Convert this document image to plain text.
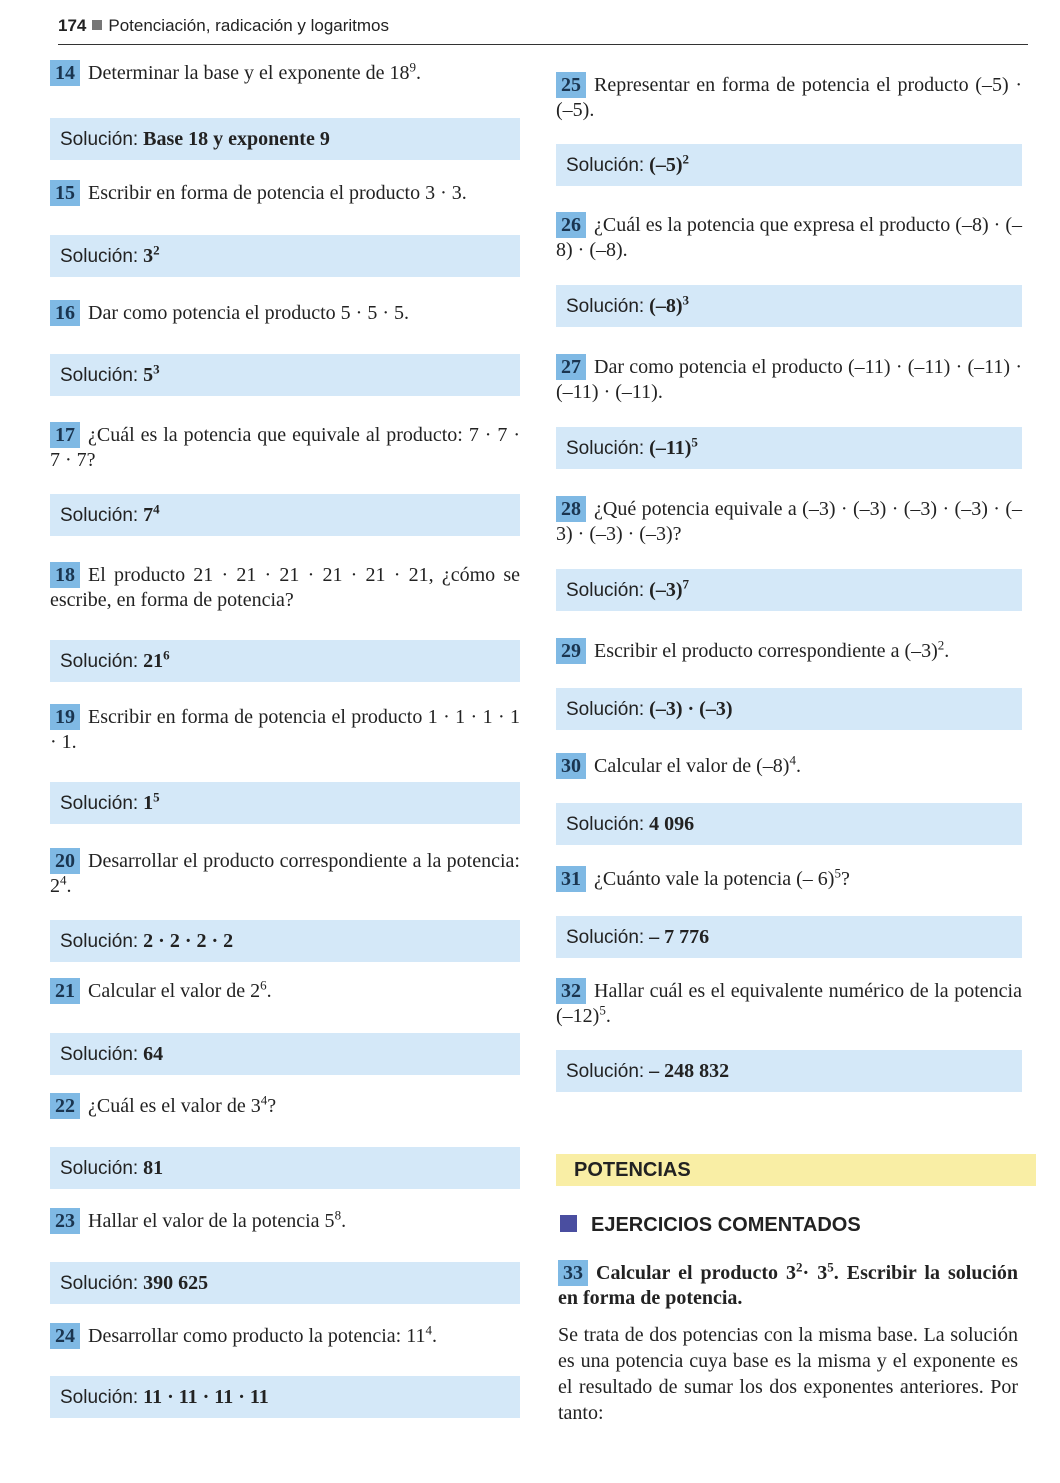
174 Potenciación, radicación y logaritmos
14 Determinar la base y el exponente de $18^9$.
Solución: Base 18 y exponente 9
15 Escribir en forma de potencia el producto 3 · 3.
Solución: $3^2$
16 Dar como potencia el producto 5 · 5 · 5.
Solución: $5^3$
17 ¿Cuál es la potencia que equivale al producto: 7 · 7 · 7 · 7?
Solución: $7^4$
18 El producto 21 · 21 · 21 · 21 · 21 · 21, ¿cómo se escribe, en forma de potencia?
Solución: $21^6$
19 Escribir en forma de potencia el producto 1 · 1 · 1 · 1 · 1.
Solución: $1^5$
20 Desarrollar el producto correspondiente a la potencia: $2^4$.
Solución: 2 · 2 · 2 · 2
21 Calcular el valor de $2^6$.
Solución: 64
22 ¿Cuál es el valor de $3^4$?
Solución: 81
23 Hallar el valor de la potencia $5^8$.
Solución: 390 625
24 Desarrollar como producto la potencia: $11^4$.
Solución: 11 · 11 · 11 · 11
25 Representar en forma de potencia el producto (–5) · (–5).
Solución: $(-5)^2$
26 ¿Cuál es la potencia que expresa el producto (–8) · (–8) · (–8).
Solución: $(-8)^3$
27 Dar como potencia el producto (–11) · (–11) · (–11) · (–11) · (–11).
Solución: $(-11)^5$
28 ¿Qué potencia equivale a (–3) · (–3) · (–3) · (–3) · (–3) · (–3) · (–3)?
Solución: $(-3)^7$
29 Escribir el producto correspondiente a $(-3)^2$.
Solución: (–3) · (–3)
30 Calcular el valor de $(-8)^4$.
Solución: 4 096
31 ¿Cuánto vale la potencia (– 6)$^5$?
Solución: – 7 776
32 Hallar cuál es el equivalente numérico de la potencia $(-12)^5$.
Solución: – 248 832
POTENCIAS
EJERCICIOS COMENTADOS
33 Calcular el producto $3^2\cdot 3^5$. Escribir la solución en forma de potencia.
Se trata de dos potencias con la misma base. La solución es una potencia cuya base es la misma y el exponente es el resultado de sumar los dos exponentes anteriores. Por tanto:
